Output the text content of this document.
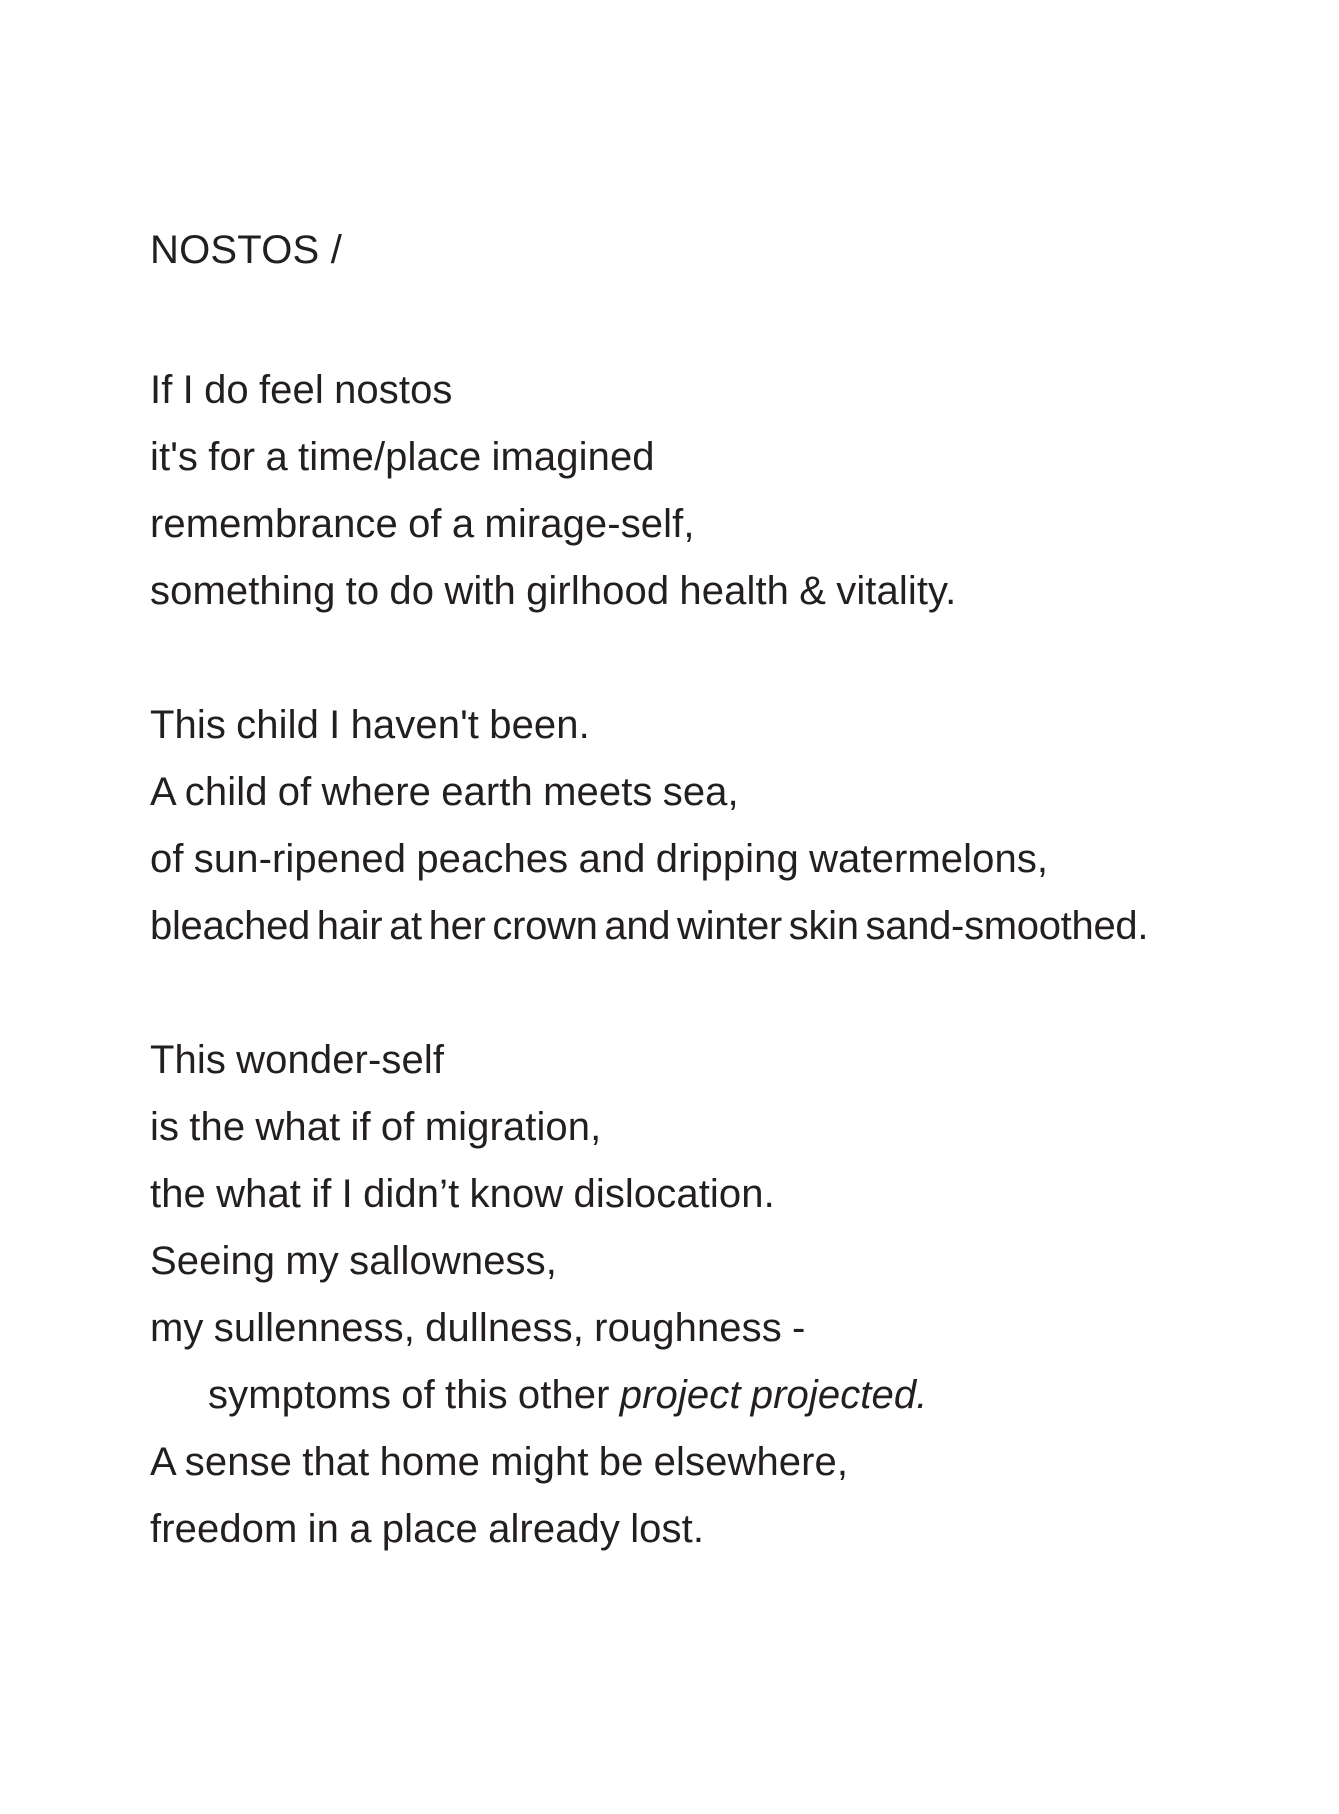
NOSTOS /
If I do feel nostos
it's for a time/place imagined
remembrance of a mirage-self,
something to do with girlhood health & vitality.
This child I haven't been.
A child of where earth meets sea,
of sun-ripened peaches and dripping watermelons,
bleached hair at her crown and winter skin sand-smoothed.
This wonder-self
is the what if of migration,
the what if I didn’t know dislocation.
Seeing my sallowness,
my sullenness, dullness, roughness -
symptoms of this other project projected.
A sense that home might be elsewhere,
freedom in a place already lost.
